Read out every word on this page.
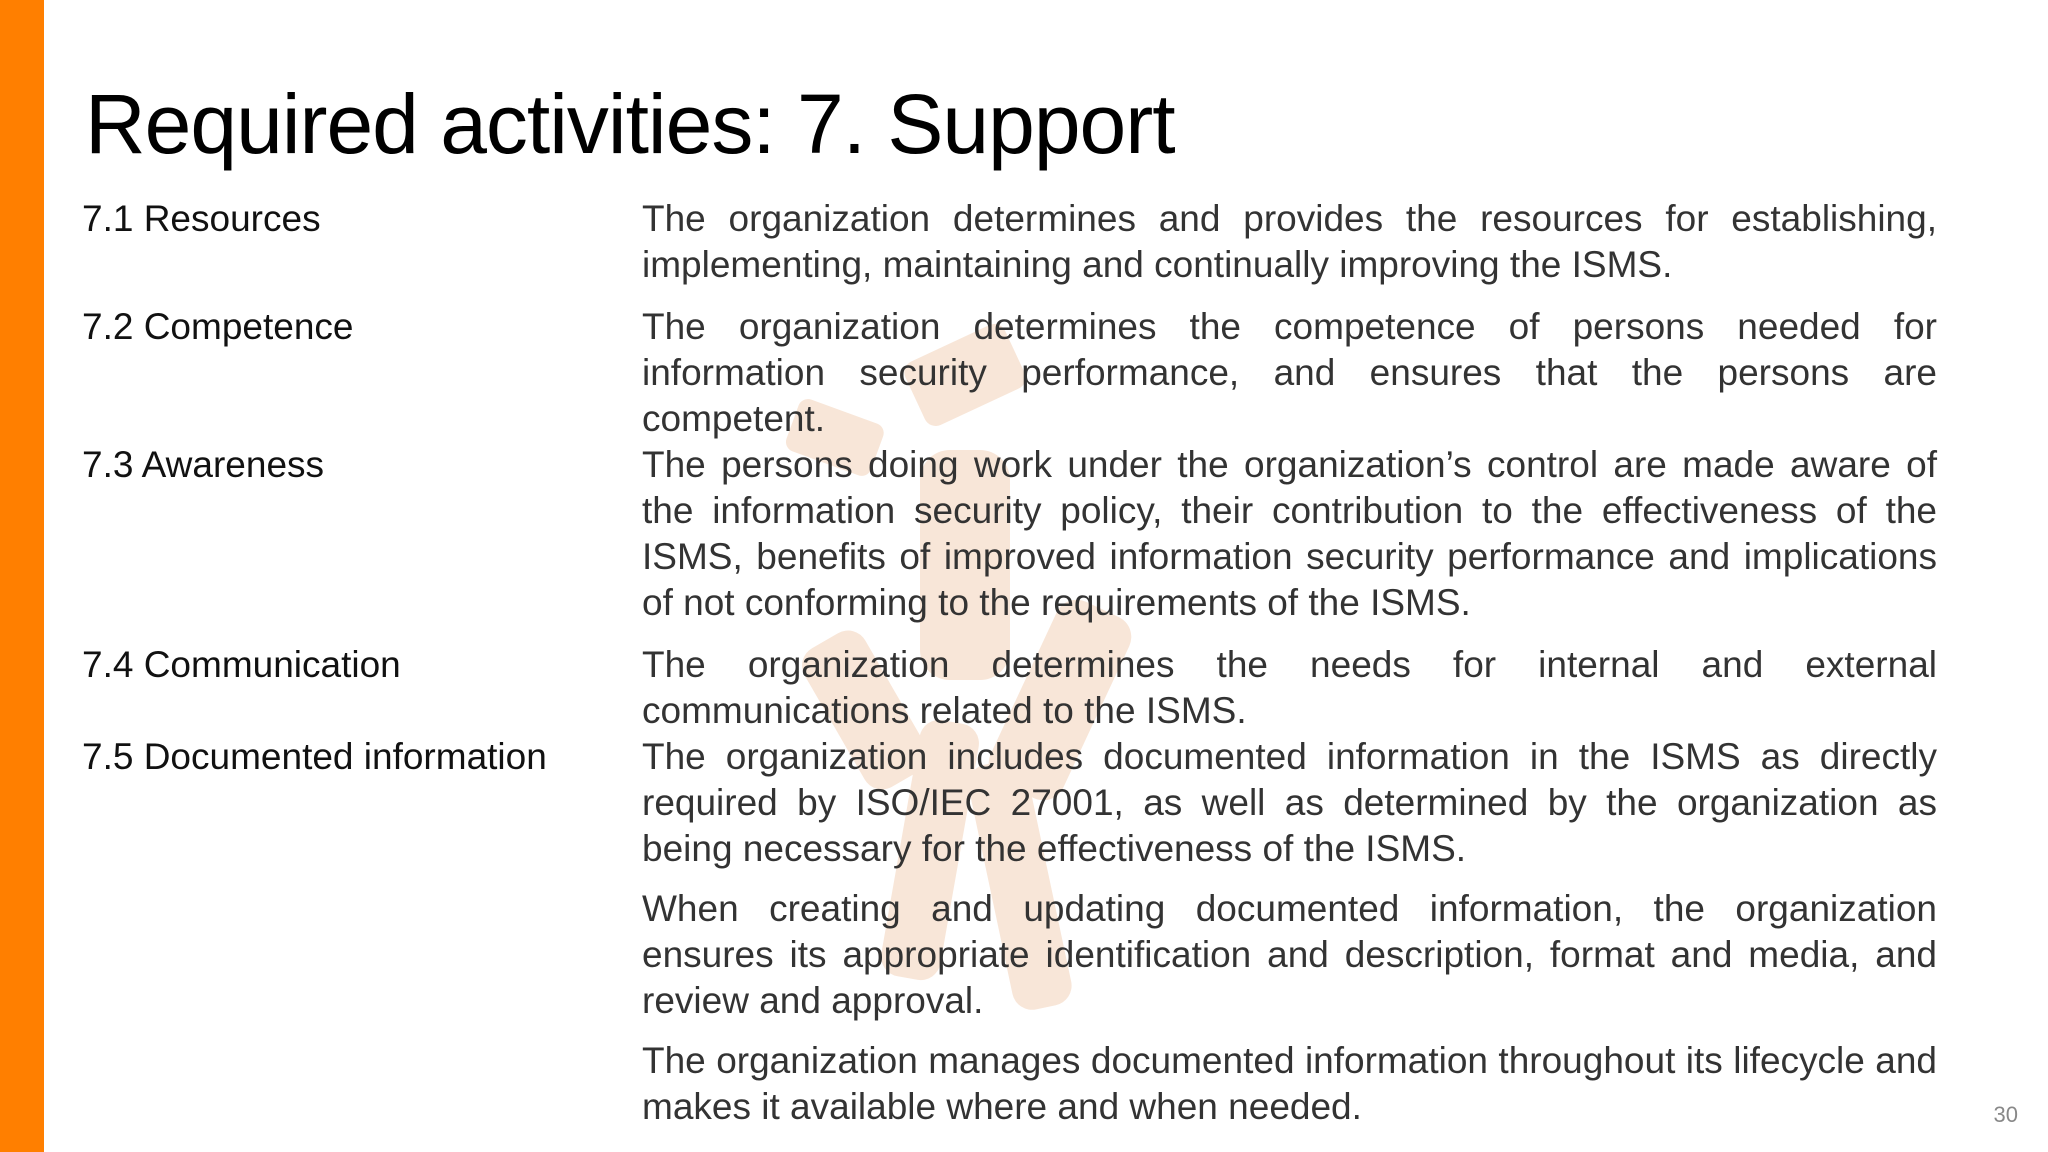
Required activities: 7. Support
7.1 Resources	The organization determines and provides the resources for establishing, implementing, maintaining and continually improving the ISMS.

7.2 Competence	The organization determines the competence of persons needed for information security performance, and ensures that the persons are competent.

7.3 Awareness	The persons doing work under the organization’s control are made aware of the information security policy, their contribution to the effectiveness of the ISMS, benefits of improved information security performance and implications of not conforming to the requirements of the ISMS.

7.4 Communication	The organization determines the needs for internal and external communications related to the ISMS.

7.5 Documented information	The organization includes documented information in the ISMS as directly required by ISO/IEC 27001, as well as determined by the organization as being necessary for the effectiveness of the ISMS.

When creating and updating documented information, the organization ensures its appropriate identification and description, format and media, and review and approval.

The organization manages documented information throughout its lifecycle and makes it available where and when needed.	30
